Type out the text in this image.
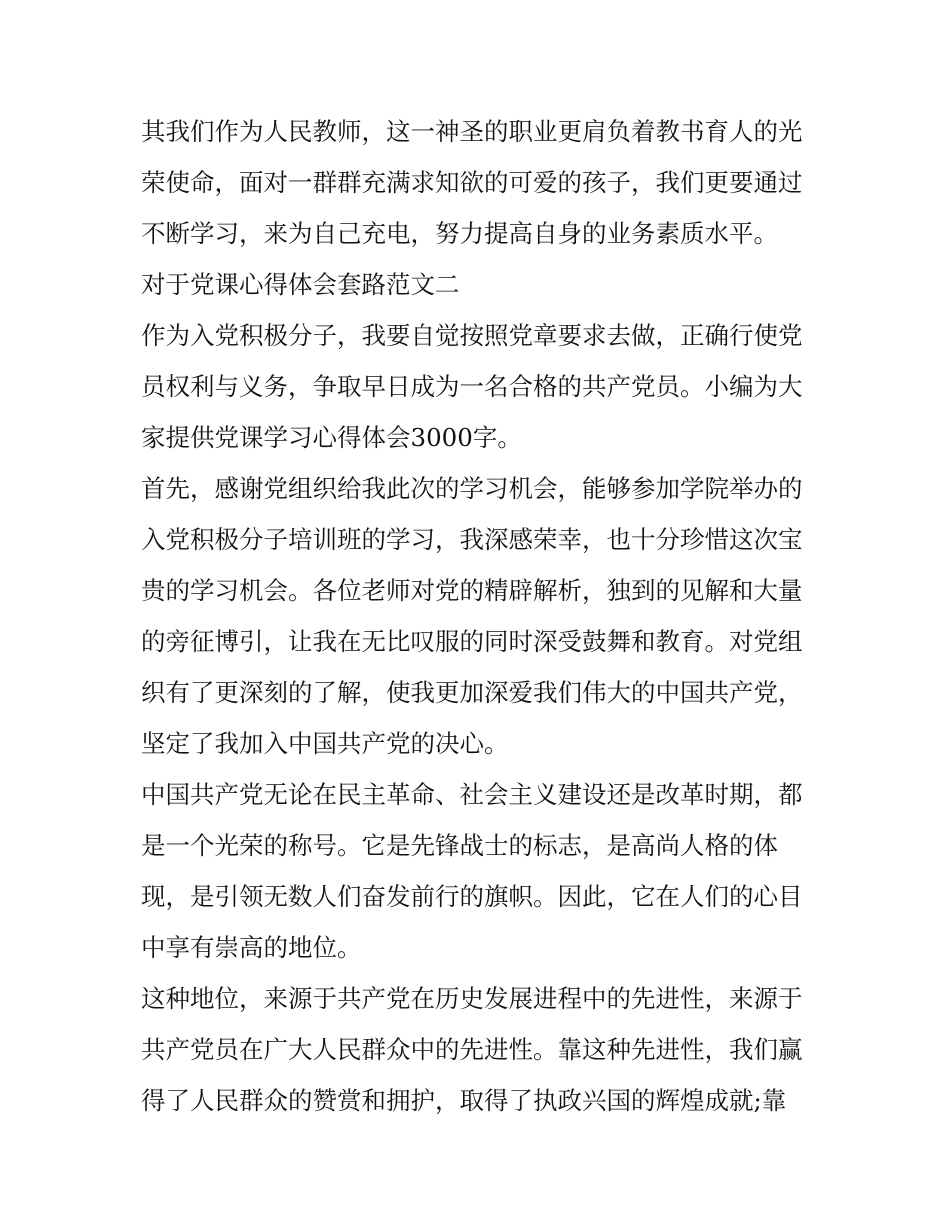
其我们作为人民教师，这一神圣的职业更肩负着教书育人的光
荣使命，面对一群群充满求知欲的可爱的孩子，我们更要通过
不断学习，来为自己充电，努力提高自身的业务素质水平。
对于党课心得体会套路范文二
作为入党积极分子，我要自觉按照党章要求去做，正确行使党
员权利与义务，争取早日成为一名合格的共产党员。小编为大
家提供党课学习心得体会3000字。
首先，感谢党组织给我此次的学习机会，能够参加学院举办的
入党积极分子培训班的学习，我深感荣幸，也十分珍惜这次宝
贵的学习机会。各位老师对党的精辟解析，独到的见解和大量
的旁征博引，让我在无比叹服的同时深受鼓舞和教育。对党组
织有了更深刻的了解，使我更加深爱我们伟大的中国共产党，
坚定了我加入中国共产党的决心。
中国共产党无论在民主革命、社会主义建设还是改革时期，都
是一个光荣的称号。它是先锋战士的标志，是高尚人格的体
现，是引领无数人们奋发前行的旗帜。因此，它在人们的心目
中享有崇高的地位。
这种地位，来源于共产党在历史发展进程中的先进性，来源于
共产党员在广大人民群众中的先进性。靠这种先进性，我们赢
得了人民群众的赞赏和拥护，取得了执政兴国的辉煌成就;靠
